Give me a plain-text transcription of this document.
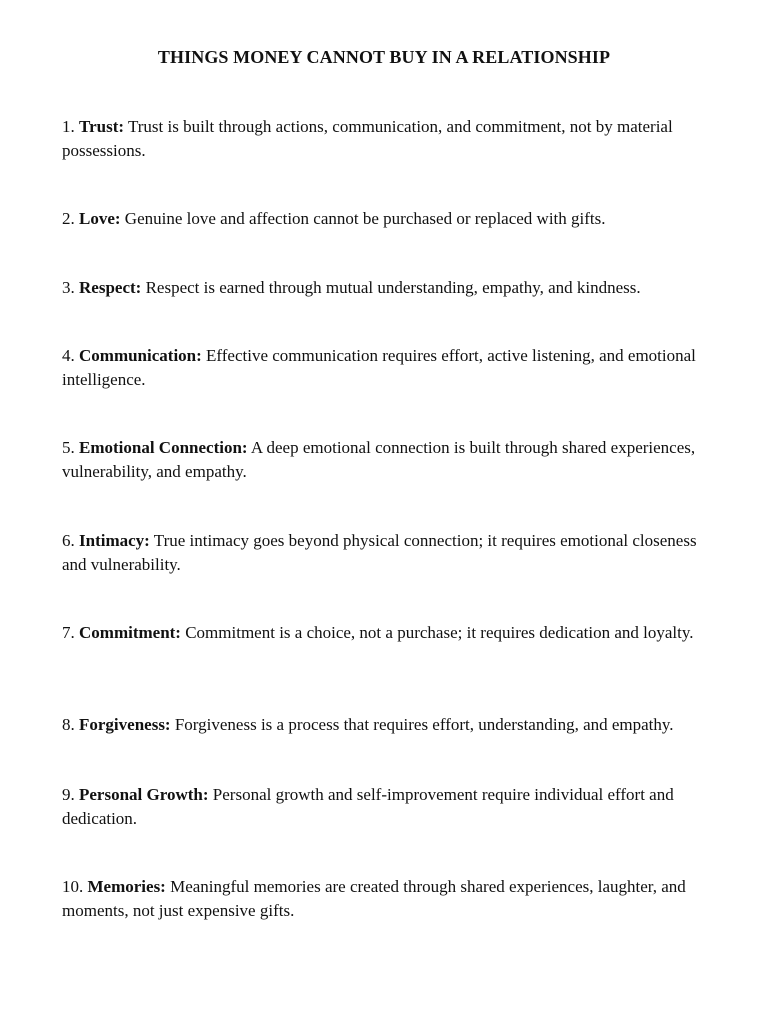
THINGS MONEY CANNOT BUY IN A RELATIONSHIP
1. Trust: Trust is built through actions, communication, and commitment, not by material possessions.
2. Love: Genuine love and affection cannot be purchased or replaced with gifts.
3. Respect: Respect is earned through mutual understanding, empathy, and kindness.
4. Communication: Effective communication requires effort, active listening, and emotional intelligence.
5. Emotional Connection: A deep emotional connection is built through shared experiences, vulnerability, and empathy.
6. Intimacy: True intimacy goes beyond physical connection; it requires emotional closeness and vulnerability.
7. Commitment: Commitment is a choice, not a purchase; it requires dedication and loyalty.
8. Forgiveness: Forgiveness is a process that requires effort, understanding, and empathy.
9. Personal Growth: Personal growth and self-improvement require individual effort and dedication.
10. Memories: Meaningful memories are created through shared experiences, laughter, and moments, not just expensive gifts.
